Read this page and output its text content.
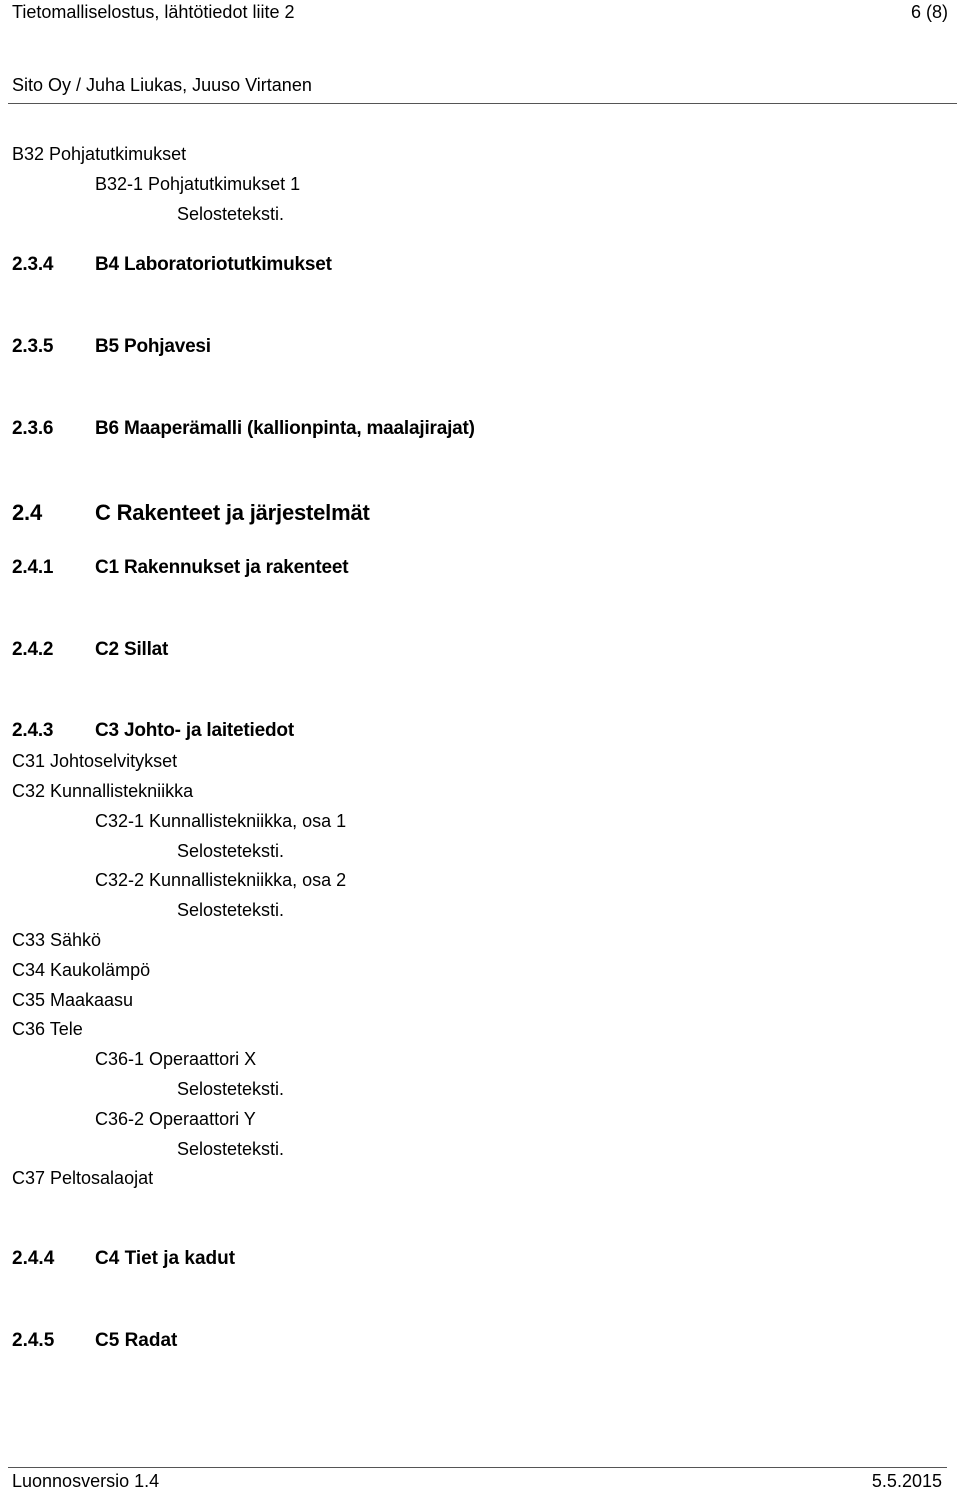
Tietomalliselostus, lähtötiedot liite 2	6 (8)
Sito Oy / Juha Liukas, Juuso Virtanen
B32 Pohjatutkimukset
B32-1 Pohjatutkimukset 1
Selosteteksti.
2.3.4 B4 Laboratoriotutkimukset
2.3.5 B5 Pohjavesi
2.3.6 B6 Maaperämalli (kallionpinta, maalajirajat)
2.4 C Rakenteet ja järjestelmät
2.4.1 C1 Rakennukset ja rakenteet
2.4.2 C2 Sillat
2.4.3 C3 Johto- ja laitetiedot
C31 Johtoselvitykset
C32 Kunnallistekniikka
C32-1 Kunnallistekniikka, osa 1
Selosteteksti.
C32-2 Kunnallistekniikka, osa 2
Selosteteksti.
C33 Sähkö
C34 Kaukolämpö
C35 Maakaasu
C36 Tele
C36-1 Operaattori X
Selosteteksti.
C36-2 Operaattori Y
Selosteteksti.
C37 Peltosalaojat
2.4.4 C4 Tiet ja kadut
2.4.5 C5 Radat
Luonnosversio 1.4	5.5.2015
